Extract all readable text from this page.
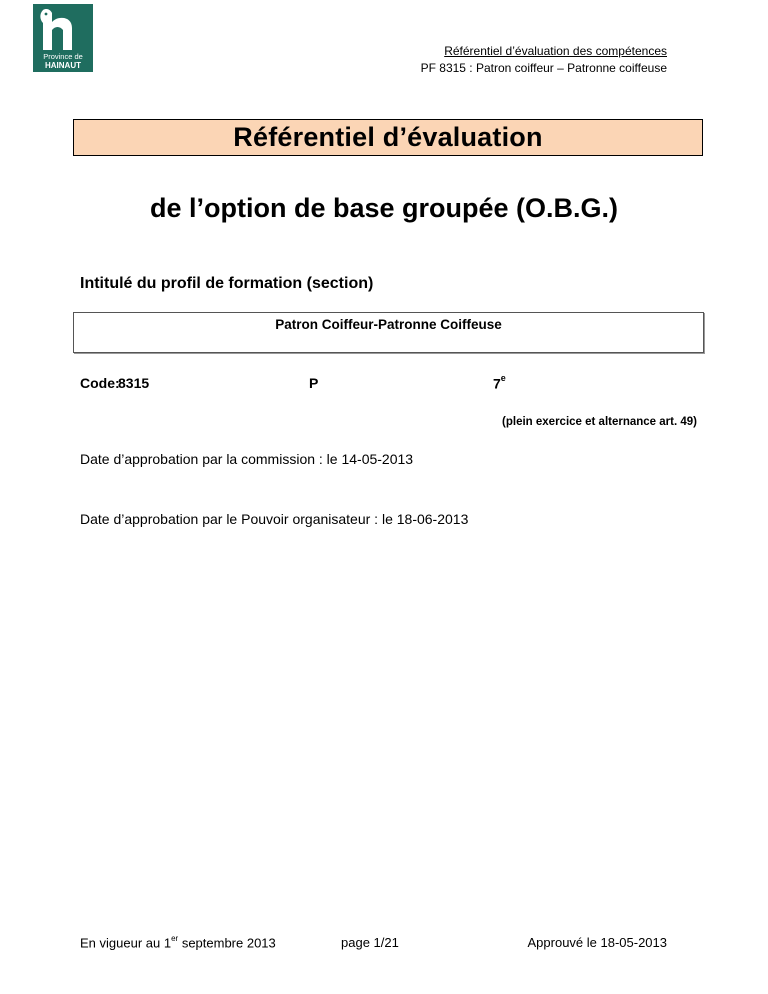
Province de
HAINAUT
Référentiel d’évaluation des compétences
PF 8315 : Patron coiffeur – Patronne coiffeuse
Référentiel d’évaluation
de l’option de base groupée (O.B.G.)
Intitulé du profil de formation (section)
Patron Coiffeur-Patronne Coiffeuse
Code:
8315	P	7e
(plein exercice et alternance art. 49)
Date d’approbation par la commission : le 14-05-2013
Date d’approbation par le Pouvoir organisateur : le 18-06-2013
En vigueur au 1er septembre 2013	page 1/21	Approuvé le 18-05-2013
